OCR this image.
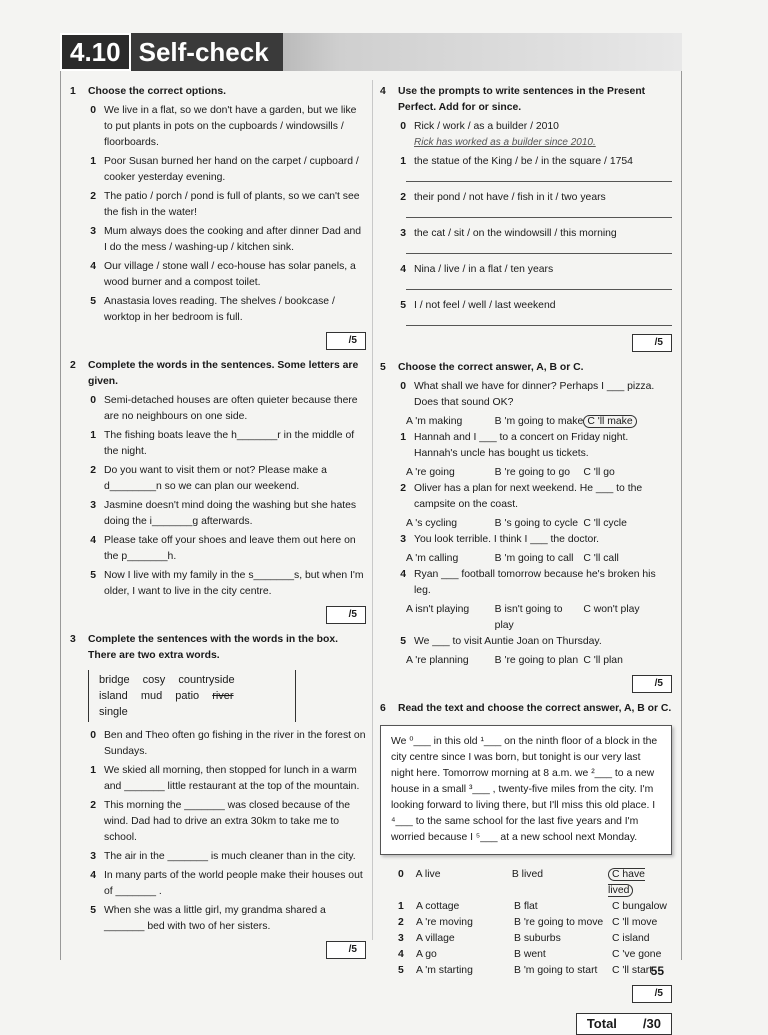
4.10 Self-check
1	Choose the correct options.
0 We live in a flat, so we don't have a garden, but we like to put plants in pots on the cupboards / windowsills / floorboards.
1 Poor Susan burned her hand on the carpet / cupboard / cooker yesterday evening.
2 The patio / porch / pond is full of plants, so we can't see the fish in the water!
3 Mum always does the cooking and after dinner Dad and I do the mess / washing-up / kitchen sink.
4 Our village / stone wall / eco-house has solar panels, a wood burner and a compost toilet.
5 Anastasia loves reading. The shelves / bookcase / worktop in her bedroom is full.
/5
2	Complete the words in the sentences. Some letters are given.
0 Semi-detached houses are often quieter because there are no neighbours on one side.
1 The fishing boats leave the h_______r in the middle of the night.
2 Do you want to visit them or not? Please make a d________n so we can plan our weekend.
3 Jasmine doesn't mind doing the washing but she hates doing the i_______g afterwards.
4 Please take off your shoes and leave them out here on the p_______h.
5 Now I live with my family in the s_______s, but when I'm older, I want to live in the city centre.
/5
3	Complete the sentences with the words in the box. There are two extra words.
bridge cosy countryside island mud patio river single
0 Ben and Theo often go fishing in the river in the forest on Sundays.
1 We skied all morning, then stopped for lunch in a warm and _______ little restaurant at the top of the mountain.
2 This morning the _______ was closed because of the wind. Dad had to drive an extra 30km to take me to school.
3 The air in the _______ is much cleaner than in the city.
4 In many parts of the world people make their houses out of _______ .
5 When she was a little girl, my grandma shared a _______ bed with two of her sisters.
/5
4	Use the prompts to write sentences in the Present Perfect. Add for or since.
0 Rick / work / as a builder / 2010
Rick has worked as a builder since 2010.
1 the statue of the King / be / in the square / 1754
2 their pond / not have / fish in it / two years
3 the cat / sit / on the windowsill / this morning
4 Nina / live / in a flat / ten years
5 I / not feel / well / last weekend
/5
5	Choose the correct answer, A, B or C.
0 What shall we have for dinner? Perhaps I ___ pizza. Does that sound OK?
A 'm making	B 'm going to make C 'll make
1 Hannah and I ___ to a concert on Friday night. Hannah's uncle has bought us tickets.
A 're going	B 're going to go	C 'll go
2 Oliver has a plan for next weekend. He ___ to the campsite on the coast.
A 's cycling	B 's going to cycle C 'll cycle
3 You look terrible. I think I ___ the doctor.
A 'm calling	B 'm going to call C 'll call
4 Ryan ___ football tomorrow because he's broken his leg.
A isn't playing	B isn't going to play
C won't play
5 We ___ to visit Auntie Joan on Thursday.
A 're planning	B 're going to plan C 'll plan
/5
6	Read the text and choose the correct answer, A, B or C.
We ⁰___ in this old ¹___ on the ninth floor of a block in the city centre since I was born, but tonight is our very last night here. Tomorrow morning at 8 a.m. we ²___ to a new house in a small ³___ , twenty-five miles from the city. I'm looking forward to living there, but I'll miss this old place. I ⁴___ to the same school for the last five years and I'm worried because I ⁵___ at a new school next Monday.
0	A live	B lived	C have lived
1	A cottage	B flat	C bungalow
2	A 're moving	B 're going to move C 'll move
3	A village	B suburbs	C island
4	A go	B went	C 've gone
5	A 'm starting	B 'm going to start	C 'll start
/5
Total /30
55
